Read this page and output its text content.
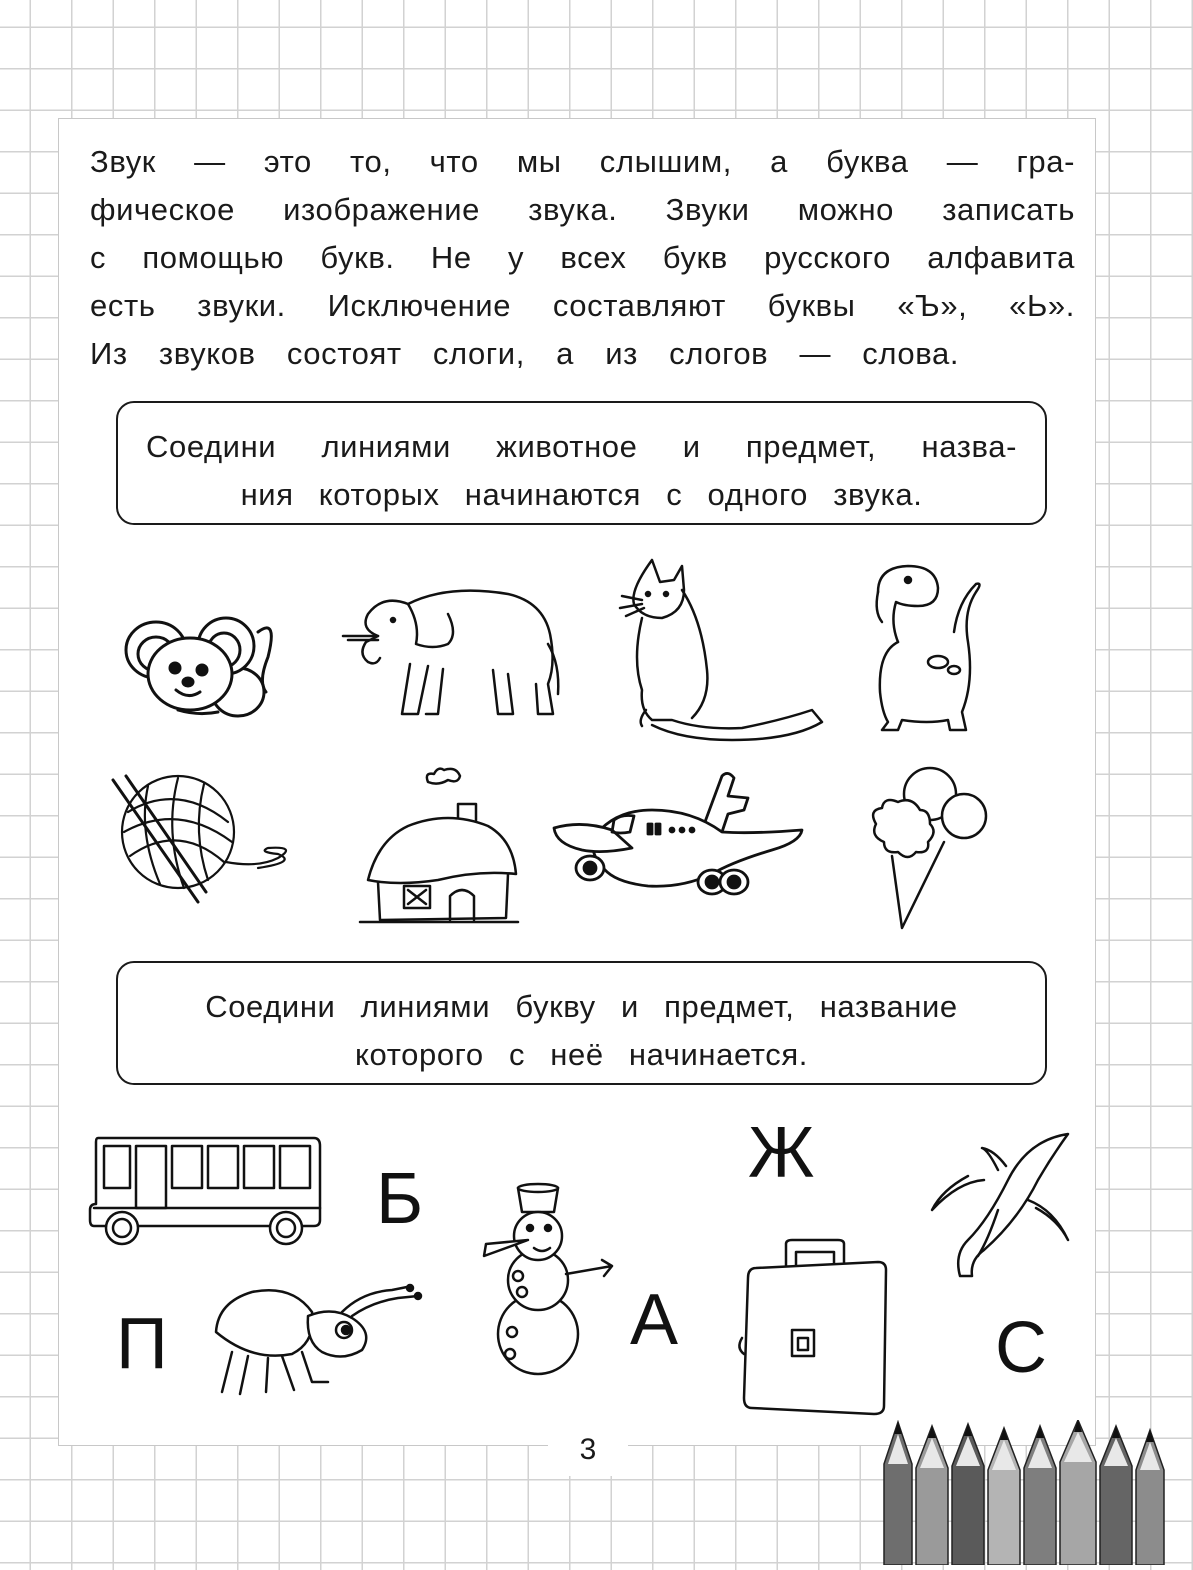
Звук — это то, что мы слышим, а буква — гра-
фическое изображение звука. Звуки можно записать
с помощью букв. Не у всех букв русского алфавита
есть звуки. Исключение составляют буквы «Ъ», «Ь».
Из звуков состоят слоги, а из слогов — слова.
Соедини линиями животное и предмет, назва-
ния которых начинаются с одного звука.
Соедини линиями букву и предмет, название
которого с неё начинается.
Б
Ж
П	А	С
3
